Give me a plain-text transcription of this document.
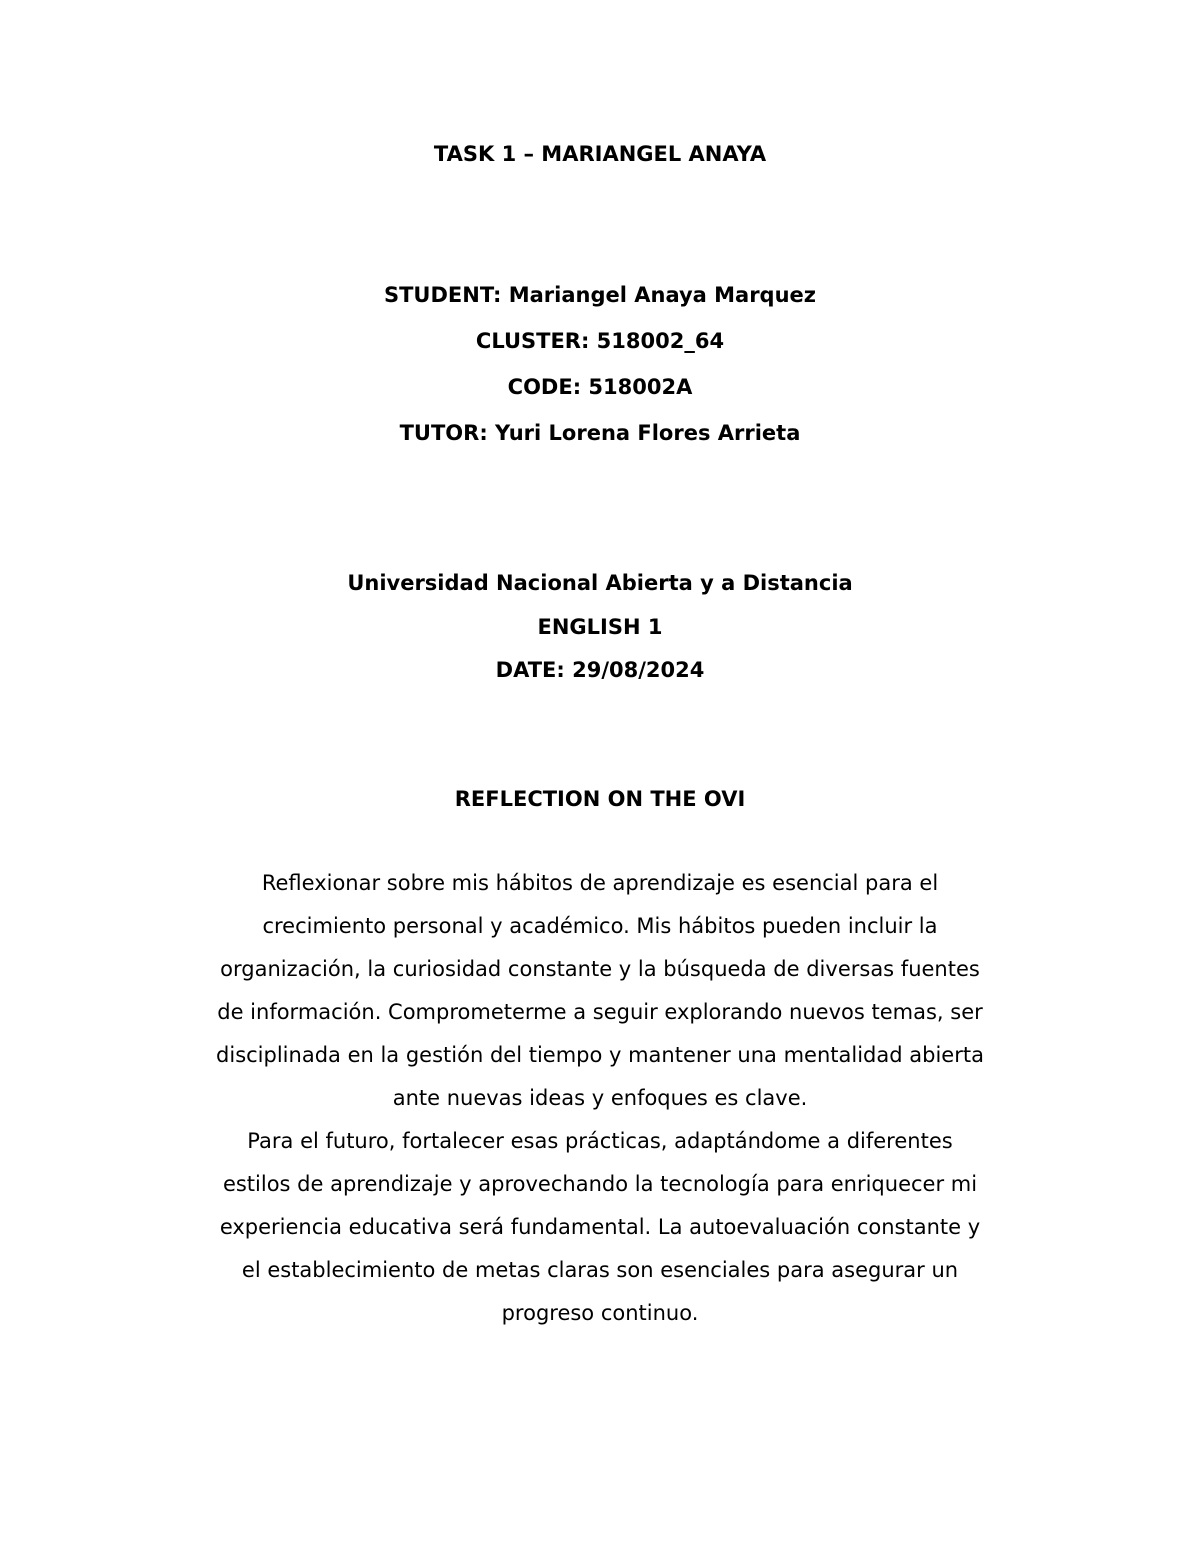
TASK 1 – MARIANGEL ANAYA
STUDENT: Mariangel Anaya Marquez
CLUSTER: 518002_64
CODE: 518002A
TUTOR: Yuri Lorena Flores Arrieta
Universidad Nacional Abierta y a Distancia
ENGLISH 1
DATE: 29/08/2024
REFLECTION ON THE OVI
Reflexionar sobre mis hábitos de aprendizaje es esencial para el
crecimiento personal y académico. Mis hábitos pueden incluir la
organización, la curiosidad constante y la búsqueda de diversas fuentes
de información. Comprometerme a seguir explorando nuevos temas, ser
disciplinada en la gestión del tiempo y mantener una mentalidad abierta
ante nuevas ideas y enfoques es clave.
Para el futuro, fortalecer esas prácticas, adaptándome a diferentes
estilos de aprendizaje y aprovechando la tecnología para enriquecer mi
experiencia educativa será fundamental. La autoevaluación constante y
el establecimiento de metas claras son esenciales para asegurar un
progreso continuo.
